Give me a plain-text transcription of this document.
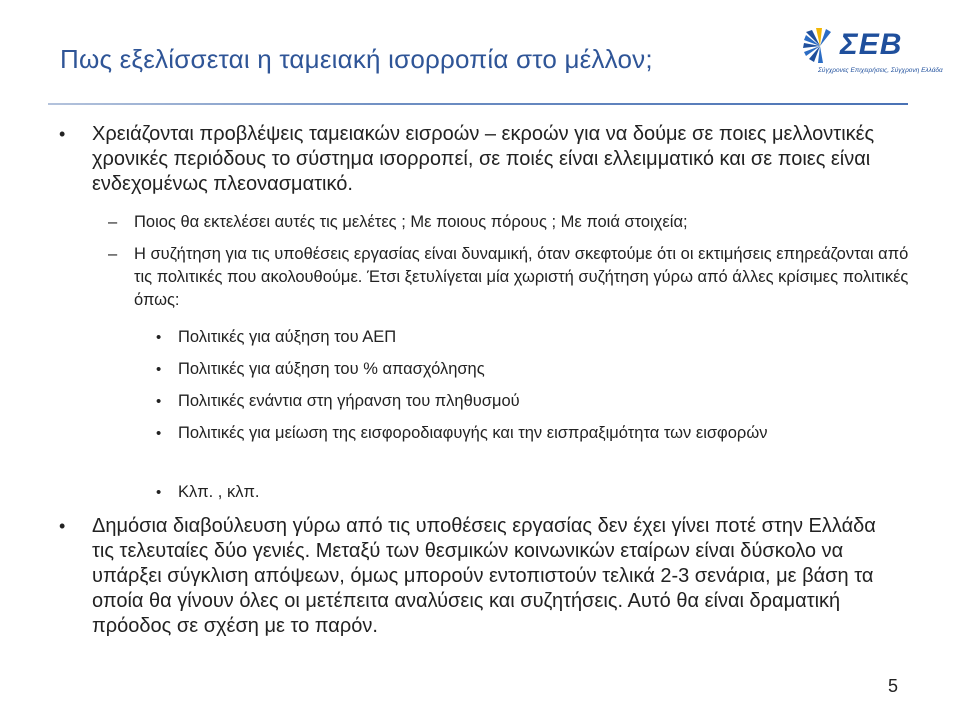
Πως εξελίσσεται η ταμειακή ισορροπία στο μέλλον;	ΣΕΒ
Σύγχρονες Επιχειρήσεις, Σύγχρονη Ελλάδα
• Χρειάζονται προβλέψεις ταμειακών εισροών – εκροών για να δούμε σε ποιες μελλοντικές χρονικές περιόδους το σύστημα ισορροπεί, σε ποιές είναι ελλειμματικό και σε ποιες είναι ενδεχομένως πλεονασματικό.
– Ποιος θα εκτελέσει αυτές τις μελέτες ; Με ποιους πόρους ; Με ποιά στοιχεία;
– Η συζήτηση για τις υποθέσεις εργασίας είναι δυναμική, όταν σκεφτούμε ότι οι εκτιμήσεις επηρεάζονται από τις πολιτικές που ακολουθούμε. Έτσι ξετυλίγεται μία χωριστή συζήτηση γύρω από άλλες κρίσιμες πολιτικές όπως:
• Πολιτικές για αύξηση του ΑΕΠ
• Πολιτικές για αύξηση του % απασχόλησης
• Πολιτικές ενάντια στη γήρανση του πληθυσμού
• Πολιτικές για μείωση της εισφοροδιαφυγής και την εισπραξιμότητα των εισφορών
• Κλπ. , κλπ.
• Δημόσια διαβούλευση γύρω από τις υποθέσεις εργασίας δεν έχει γίνει ποτέ στην Ελλάδα τις τελευταίες δύο γενιές. Μεταξύ των θεσμικών κοινωνικών εταίρων είναι δύσκολο να υπάρξει σύγκλιση απόψεων, όμως μπορούν εντοπιστούν τελικά 2-3 σενάρια, με βάση τα οποία θα γίνουν όλες οι μετέπειτα αναλύσεις και συζητήσεις. Αυτό θα είναι δραματική πρόοδος σε σχέση με το παρόν.
5
